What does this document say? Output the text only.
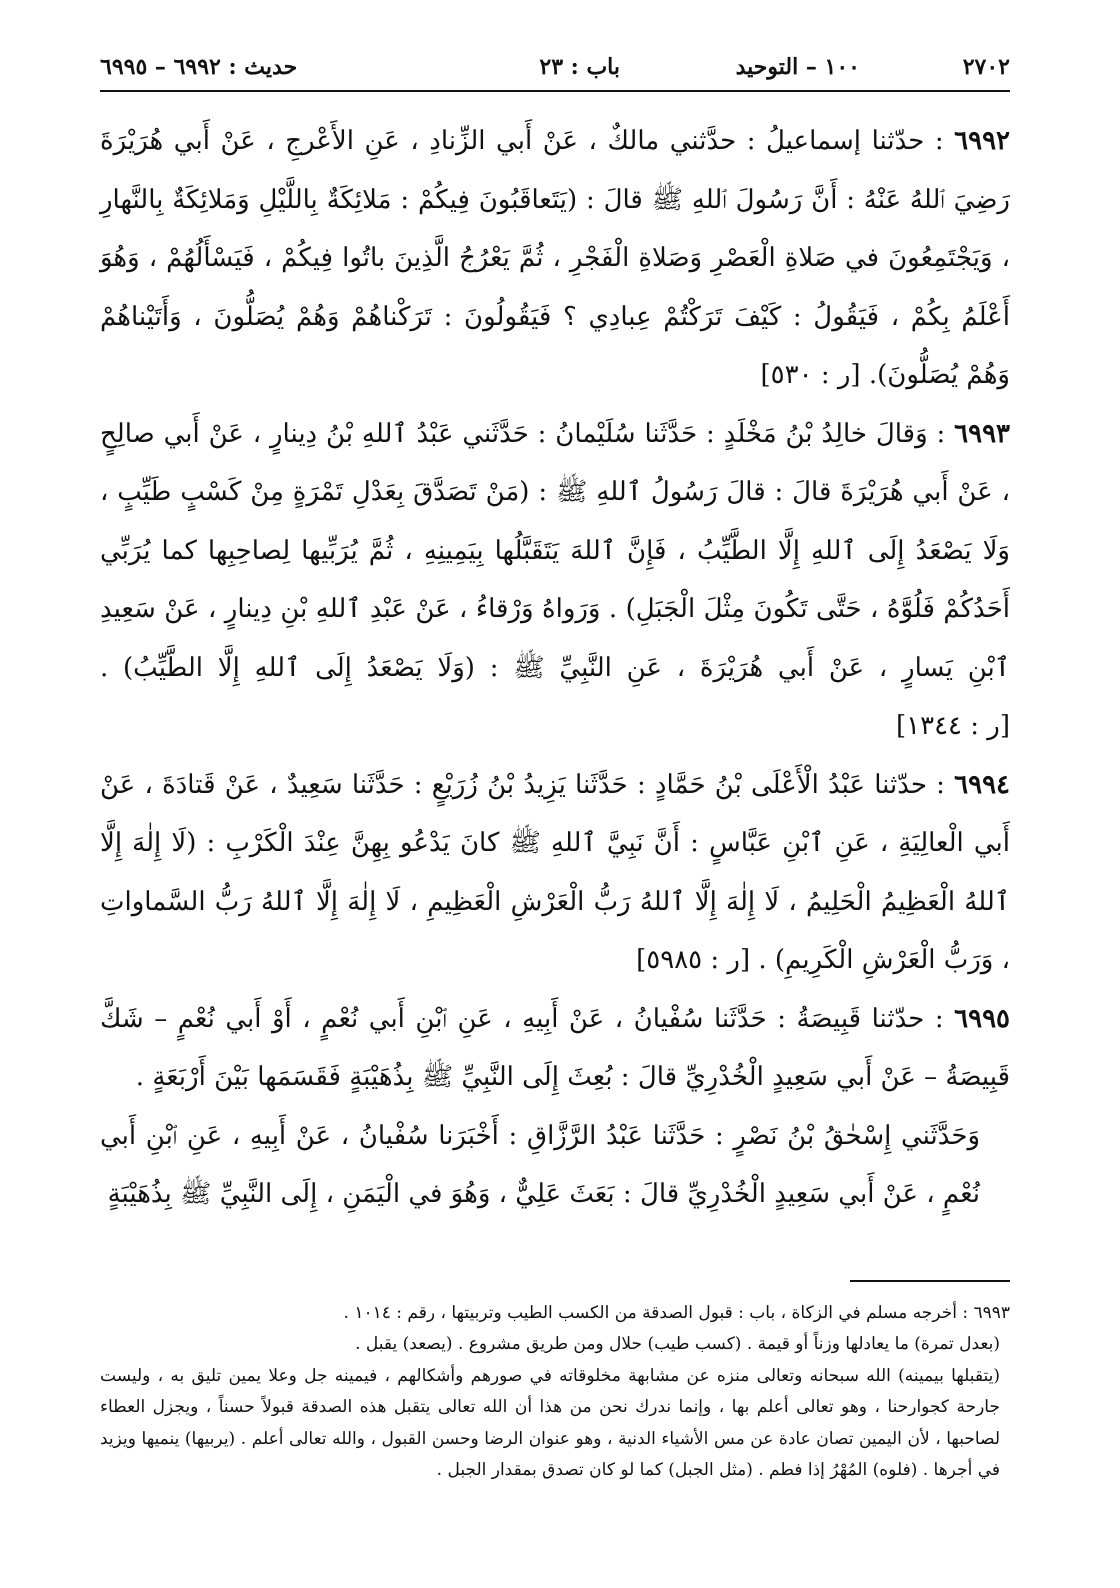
٢٧٠٢
١٠٠ – التوحيد
باب : ٢٣
حديث : ٦٩٩٢ – ٦٩٩٥

٦٩٩٢ : حدّثنا إسماعيلُ : حدَّثني مالكٌ ، عَنْ أَبي الزِّنادِ ، عَنِ الأَعْرجِ ، عَنْ أَبي هُرَيْرَةَ رَضِيَ ٱللهُ عَنْهُ : أَنَّ رَسُولَ ٱللهِ ﷺ قالَ : (يَتَعاقَبُونَ فِيكُمْ : مَلائِكَةٌ بِاللَّيْلِ وَمَلائِكَةٌ بِالنَّهارِ ، وَيَجْتَمِعُونَ في صَلاةِ الْعَصْرِ وَصَلاةِ الْفَجْرِ ، ثُمَّ يَعْرُجُ الَّذِينَ باتُوا فِيكُمْ ، فَيَسْأَلُهُمْ ، وَهُوَ أَعْلَمُ بِكُمْ ، فَيَقُولُ : كَيْفَ تَرَكْتُمْ عِبادِي ؟ فَيَقُولُونَ : تَرَكْناهُمْ وَهُمْ يُصَلُّونَ ، وَأَتَيْناهُمْ وَهُمْ يُصَلُّونَ). [ر : ٥٣٠]

٦٩٩٣ : وَقالَ خالِدُ بْنُ مَخْلَدٍ : حَدَّثَنا سُلَيْمانُ : حَدَّثَني عَبْدُ ٱللهِ بْنُ دِينارٍ ، عَنْ أَبي صالِحٍ ، عَنْ أَبي هُرَيْرَةَ قالَ : قالَ رَسُولُ ٱللهِ ﷺ : (مَنْ تَصَدَّقَ بِعَدْلِ تَمْرَةٍ مِنْ كَسْبٍ طَيِّبٍ ، وَلَا يَصْعَدُ إِلَى ٱللهِ إِلَّا الطَّيِّبُ ، فَإِنَّ ٱللهَ يَتَقَبَّلُها بِيَمِينِهِ ، ثُمَّ يُرَبِّيها لِصاحِبِها كما يُرَبِّي أَحَدُكُمْ فَلُوَّهُ ، حَتَّى تَكُونَ مِثْلَ الْجَبَلِ) . وَرَواهُ وَرْقاءُ ، عَنْ عَبْدِ ٱللهِ بْنِ دِينارٍ ، عَنْ سَعِيدِ ٱبْنِ يَسارٍ ، عَنْ أَبي هُرَيْرَةَ ، عَنِ النَّبِيِّ ﷺ : (وَلَا يَصْعَدُ إِلَى ٱللهِ إِلَّا الطَّيِّبُ) . [ر : ١٣٤٤]

٦٩٩٤ : حدّثنا عَبْدُ الْأَعْلَى بْنُ حَمَّادٍ : حَدَّثَنا يَزِيدُ بْنُ زُرَيْعٍ : حَدَّثَنا سَعِيدٌ ، عَنْ قَتادَةَ ، عَنْ أَبي الْعالِيَةِ ، عَنِ ٱبْنِ عَبَّاسٍ : أَنَّ نَبِيَّ ٱللهِ ﷺ كانَ يَدْعُو بِهِنَّ عِنْدَ الْكَرْبِ : (لَا إِلٰهَ إِلَّا ٱللهُ الْعَظِيمُ الْحَلِيمُ ، لَا إِلٰهَ إِلَّا ٱللهُ رَبُّ الْعَرْشِ الْعَظِيمِ ، لَا إِلٰهَ إِلَّا ٱللهُ رَبُّ السَّماواتِ ، وَرَبُّ الْعَرْشِ الْكَرِيمِ) . [ر : ٥٩٨٥]

٦٩٩٥ : حدّثنا قَبِيصَةُ : حَدَّثَنا سُفْيانُ ، عَنْ أَبِيهِ ، عَنِ ٱبْنِ أَبي نُعْمٍ ، أَوْ أَبي نُعْمٍ – شَكَّ قَبِيصَةُ – عَنْ أَبي سَعِيدٍ الْخُدْرِيِّ قالَ : بُعِثَ إِلَى النَّبِيِّ ﷺ بِذُهَيْبَةٍ فَقَسَمَها بَيْنَ أَرْبَعَةٍ .

وَحَدَّثَني إِسْحٰقُ بْنُ نَصْرٍ : حَدَّثَنا عَبْدُ الرَّزَّاقِ : أَخْبَرَنا سُفْيانُ ، عَنْ أَبِيهِ ، عَنِ ٱبْنِ أَبي نُعْمٍ ، عَنْ أَبي سَعِيدٍ الْخُدْرِيِّ قالَ : بَعَثَ عَلِيٌّ ، وَهُوَ في الْيَمَنِ ، إِلَى النَّبِيِّ ﷺ بِذُهَيْبَةٍ

٦٩٩٣ : أخرجه مسلم في الزكاة ، باب : قبول الصدقة من الكسب الطيب وتربيتها ، رقم : ١٠١٤ .

(بعدل تمرة) ما يعادلها وزناً أو قيمة . (كسب طيب) حلال ومن طريق مشروع . (يصعد) يقبل .

(يتقبلها بيمينه) الله سبحانه وتعالى منزه عن مشابهة مخلوقاته في صورهم وأشكالهم ، فيمينه جل وعلا يمين تليق به ، وليست جارحة كجوارحنا ، وهو تعالى أعلم بها ، وإنما ندرك نحن من هذا أن الله تعالى يتقبل هذه الصدقة قبولاً حسناً ، ويجزل العطاء لصاحبها ، لأن اليمين تصان عادة عن مس الأشياء الدنية ، وهو عنوان الرضا وحسن القبول ، والله تعالى أعلم . (يربيها) ينميها ويزيد في أجرها . (فلوه) المُهْرُ إذا فطم . (مثل الجبل) كما لو كان تصدق بمقدار الجبل .
